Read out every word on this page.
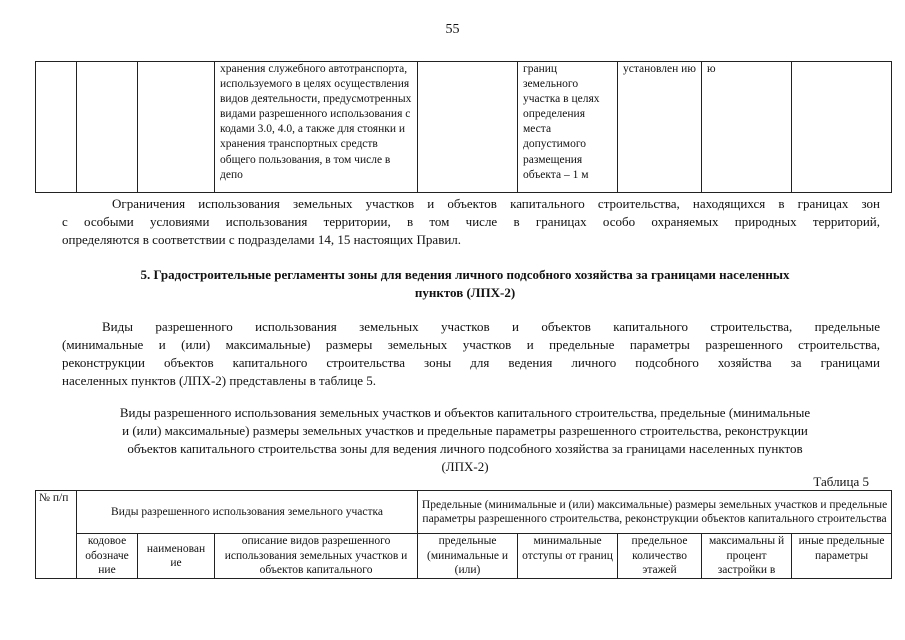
55
			хранения служебного автотранспорта, используемого в целях осуществления видов деятельности, предусмотренных видами разрешенного использования с кодами 3.0, 4.0, а также для стоянки и хранения транспортных средств общего пользования, в том числе в депо		границ земельного участка в целях определения места допустимого размещения объекта – 1 м	установлен ию	ю	
Ограничения использования земельных участков и объектов капитального строительства, находящихся в границах зон
с особыми условиями использования территории, в том числе в границах особо охраняемых природных территорий,
определяются в соответствии с подразделами 14, 15 настоящих Правил.
5. Градостроительные регламенты зоны для ведения личного подсобного хозяйства за границами населенных
пунктов (ЛПХ-2)
Виды разрешенного использования земельных участков и объектов капитального строительства, предельные
(минимальные и (или) максимальные) размеры земельных участков и предельные параметры разрешенного строительства,
реконструкции объектов капитального строительства зоны для ведения личного подсобного хозяйства за границами
населенных пунктов (ЛПХ-2) представлены в таблице 5.
Виды разрешенного использования земельных участков и объектов капитального строительства, предельные (минимальные
и (или) максимальные) размеры земельных участков и предельные параметры разрешенного строительства, реконструкции
объектов капитального строительства зоны для ведения личного подсобного хозяйства за границами населенных пунктов
(ЛПХ-2)
Таблица 5
№ п/п	Виды разрешенного использования земельного участка			Предельные (минимальные и (или) максимальные) размеры земельных участков и предельные параметры разрешенного строительства, реконструкции объектов капитального строительства				
	кодовое обозначе ние	наименован ие	описание видов разрешенного использования земельных участков и объектов капитального	предельные (минимальные и (или)	минимальные отступы от границ	предельное количество этажей	максимальны й процент застройки в	иные предельные параметры
